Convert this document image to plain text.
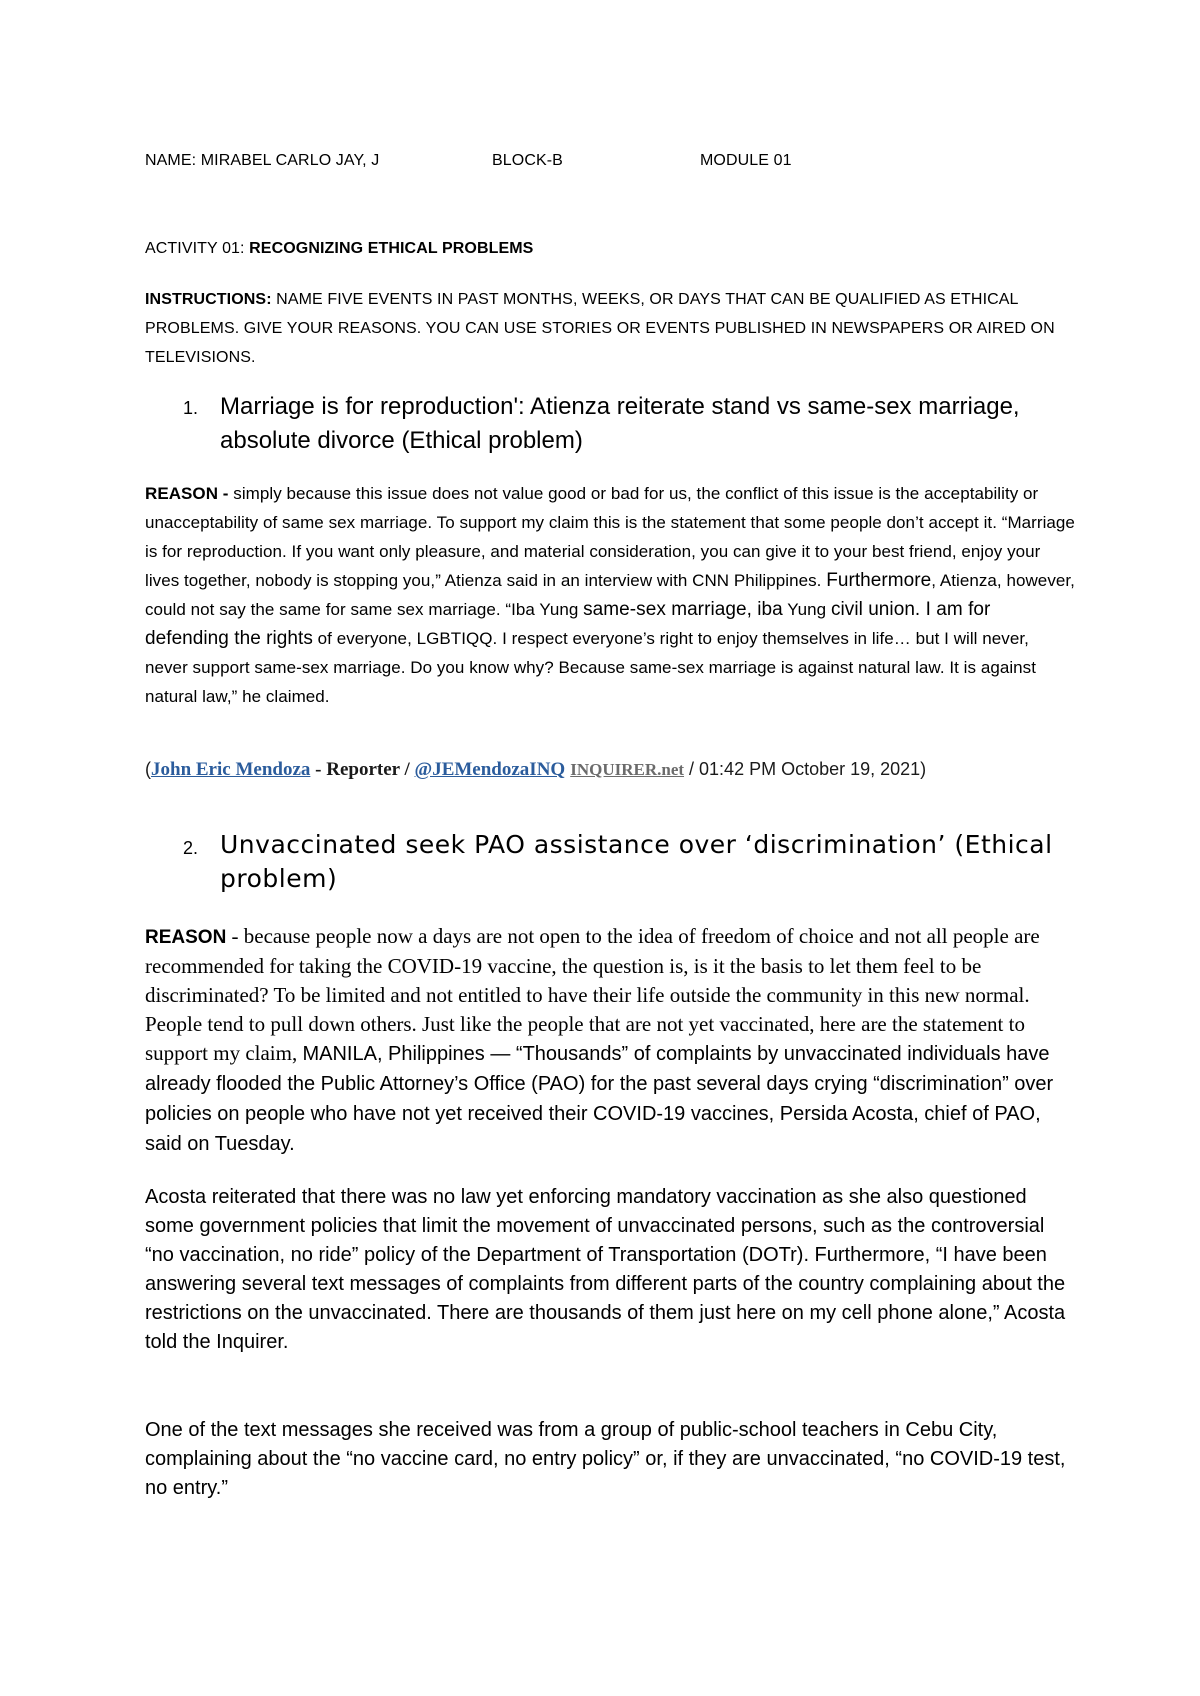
NAME: MIRABEL CARLO JAY, J	BLOCK-B	MODULE 01
ACTIVITY 01: RECOGNIZING ETHICAL PROBLEMS
INSTRUCTIONS: NAME FIVE EVENTS IN PAST MONTHS, WEEKS, OR DAYS THAT CAN BE QUALIFIED AS ETHICAL PROBLEMS. GIVE YOUR REASONS. YOU CAN USE STORIES OR EVENTS PUBLISHED IN NEWSPAPERS OR AIRED ON TELEVISIONS.
1. Marriage is for reproduction': Atienza reiterate stand vs same-sex marriage, absolute divorce (Ethical problem)
REASON - simply because this issue does not value good or bad for us, the conflict of this issue is the acceptability or unacceptability of same sex marriage. To support my claim this is the statement that some people don’t accept it. “Marriage is for reproduction. If you want only pleasure, and material consideration, you can give it to your best friend, enjoy your lives together, nobody is stopping you,” Atienza said in an interview with CNN Philippines. Furthermore, Atienza, however, could not say the same for same sex marriage. “Iba Yung same-sex marriage, iba Yung civil union. I am for defending the rights of everyone, LGBTIQQ. I respect everyone’s right to enjoy themselves in life… but I will never, never support same-sex marriage. Do you know why? Because same-sex marriage is against natural law. It is against natural law,” he claimed.
(John Eric Mendoza - Reporter / @JEMendozaINQ INQUIRER.net / 01:42 PM October 19, 2021)
2. Unvaccinated seek PAO assistance over ‘discrimination’ (Ethical problem)
REASON - because people now a days are not open to the idea of freedom of choice and not all people are recommended for taking the COVID-19 vaccine, the question is, is it the basis to let them feel to be discriminated? To be limited and not entitled to have their life outside the community in this new normal. People tend to pull down others. Just like the people that are not yet vaccinated, here are the statement to support my claim, MANILA, Philippines — “Thousands” of complaints by unvaccinated individuals have already flooded the Public Attorney’s Office (PAO) for the past several days crying “discrimination” over policies on people who have not yet received their COVID-19 vaccines, Persida Acosta, chief of PAO, said on Tuesday.
Acosta reiterated that there was no law yet enforcing mandatory vaccination as she also questioned some government policies that limit the movement of unvaccinated persons, such as the controversial “no vaccination, no ride” policy of the Department of Transportation (DOTr). Furthermore, “I have been answering several text messages of complaints from different parts of the country complaining about the restrictions on the unvaccinated. There are thousands of them just here on my cell phone alone,” Acosta told the Inquirer.
One of the text messages she received was from a group of public-school teachers in Cebu City, complaining about the “no vaccine card, no entry policy” or, if they are unvaccinated, “no COVID-19 test, no entry.”
